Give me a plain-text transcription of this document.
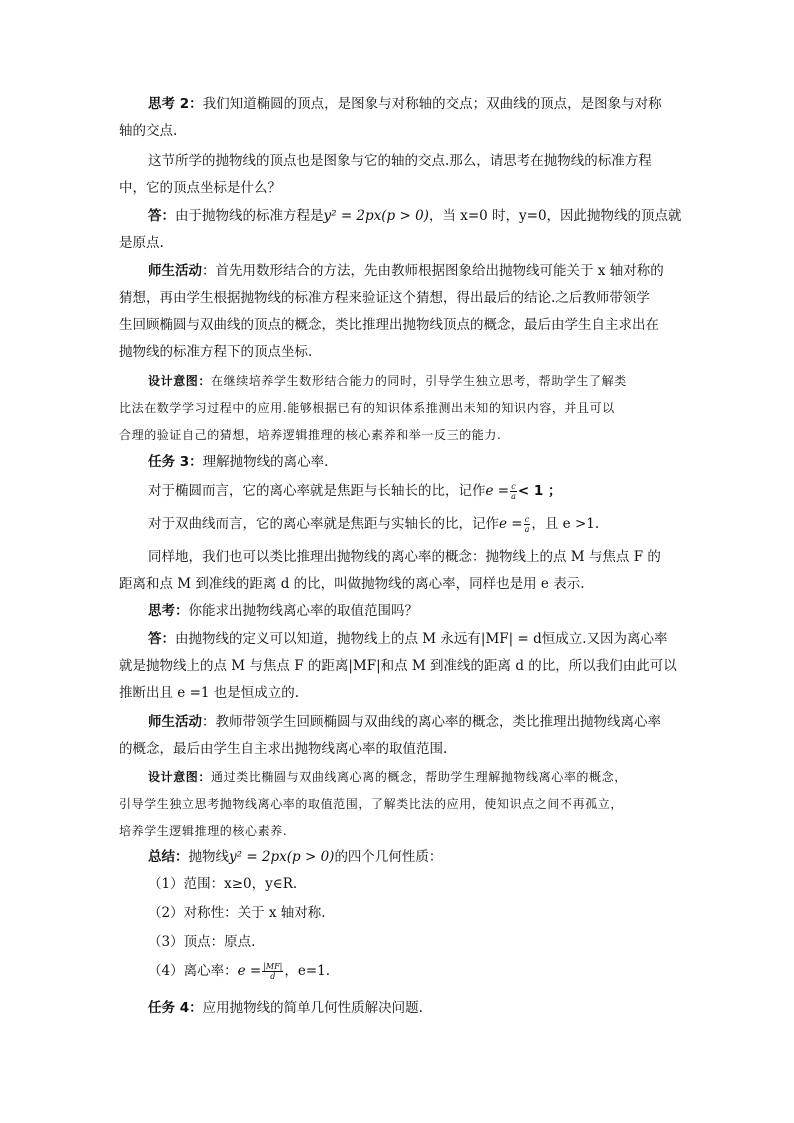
思考 2：我们知道椭圆的顶点，是图象与对称轴的交点；双曲线的顶点，是图象与对称
轴的交点.
这节所学的抛物线的顶点也是图象与它的轴的交点.那么，请思考在抛物线的标准方程
中，它的顶点坐标是什么？
答：由于抛物线的标准方程是y² = 2px(p > 0)，当 x=0 时，y=0，因此抛物线的顶点就
是原点.
师生活动：首先用数形结合的方法，先由教师根据图象给出抛物线可能关于 x 轴对称的
猜想，再由学生根据抛物线的标准方程来验证这个猜想，得出最后的结论.之后教师带领学
生回顾椭圆与双曲线的顶点的概念，类比推理出抛物线顶点的概念，最后由学生自主求出在
抛物线的标准方程下的顶点坐标.
设计意图：在继续培养学生数形结合能力的同时，引导学生独立思考，帮助学生了解类
比法在数学学习过程中的应用.能够根据已有的知识体系推测出未知的知识内容，并且可以
合理的验证自己的猜想，培养逻辑推理的核心素养和举一反三的能力.
任务 3：理解抛物线的离心率.
对于椭圆而言，它的离心率就是焦距与长轴长的比，记作$e = \frac{c}{a} < 1$ ；
对于双曲线而言，它的离心率就是焦距与实轴长的比，记作$e = \frac{c}{a}$ ，且 e >1.
同样地，我们也可以类比推理出抛物线的离心率的概念：抛物线上的点 M 与焦点 F 的
距离和点 M 到准线的距离 d 的比，叫做抛物线的离心率，同样也是用 e 表示.
思考：你能求出抛物线离心率的取值范围吗？
答：由抛物线的定义可以知道，抛物线上的点 M 永远有|MF| = d恒成立.又因为离心率
就是抛物线上的点 M 与焦点 F 的距离|MF|和点 M 到准线的距离 d 的比，所以我们由此可以
推断出且 e =1 也是恒成立的.
师生活动：教师带领学生回顾椭圆与双曲线的离心率的概念，类比推理出抛物线离心率
的概念，最后由学生自主求出抛物线离心率的取值范围.
设计意图：通过类比椭圆与双曲线离心离的概念，帮助学生理解抛物线离心率的概念，
引导学生独立思考抛物线离心率的取值范围，了解类比法的应用，使知识点之间不再孤立，
培养学生逻辑推理的核心素养.
总结：抛物线y² = 2px(p > 0)的四个几何性质：
（1）范围：x≥0，y∈R.
（2）对称性：关于 x 轴对称.
（3）顶点：原点.
（4）离心率：$e = \frac{|MF|}{d}$ ，e=1.
任务 4：应用抛物线的简单几何性质解决问题.
